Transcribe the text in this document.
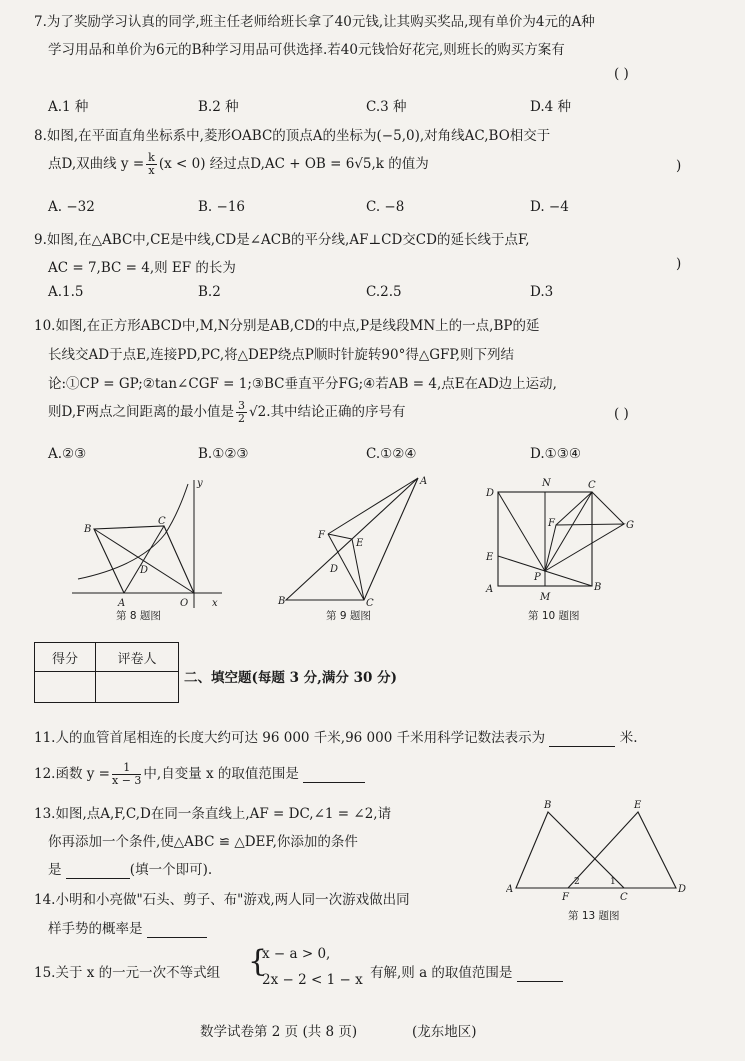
7.为了奖励学习认真的同学,班主任老师给班长拿了40元钱,让其购买奖品,现有单价为4元的A种
学习用品和单价为6元的B种学习用品可供选择.若40元钱恰好花完,则班长的购买方案有
( )
A.1 种	B.2 种	C.3 种	D.4 种
8.如图,在平面直角坐标系中,菱形OABC的顶点A的坐标为(−5,0),对角线AC,BO相交于
点D,双曲线 $y = \frac{k}{x} (x < 0)$ 经过点D,AC + OB = 6√5,k 的值为	)
A. −32	B. −16	C. −8	D. −4
9.如图,在△ABC中,CE是中线,CD是∠ACB的平分线,AF⊥CD交CD的延长线于点F,
AC = 7,BC = 4,则 EF 的长为	)
A.1.5	B.2	C.2.5	D.3
10.如图,在正方形ABCD中,M,N分别是AB,CD的中点,P是线段MN上的一点,BP的延
长线交AD于点E,连接PD,PC,将△DEP绕点P顺时针旋转90°得△GFP,则下列结
论:①CP = GP;②tan∠CGF = 1;③BC垂直平分FG;④若AB = 4,点E在AD边上运动,
则D,F两点之间距离的最小值是 $\frac{3}{2} √2$.其中结论正确的序号有	( )
A.②③	B.①②③	C.①②④	D.①③④
B
C
D
A	O x
y
第 8 题图
A
F
E
D
B	C
第 9 题图
D
N	C
F	G
E
P
B
A
M
第 10 题图
得分	评卷人

二、填空题(每题 3 分,满分 30 分)
11.人的血管首尾相连的长度大约可达 96 000 千米,96 000 千米用科学记数法表示为	米.
12.函数 $y = \frac{1}{x - 3}$ 中,自变量 x 的取值范围是
13.如图,点A,F,C,D在同一条直线上,AF = DC,∠1 = ∠2,请
你再添加一个条件,使△ABC ≌ △DEF,你添加的条件
是	(填一个即可).
B	E
A	D
F	C
2	1
第 13 题图
14.小明和小亮做"石头、剪子、布"游戏,两人同一次游戏做出同
样手势的概率是
15.关于 x 的一元一次不等式组 {
x − a > 0,
2x − 2 < 1 − x 有解,则 a 的取值范围是
数学试卷第 2 页 (共 8 页)	(龙东地区)
